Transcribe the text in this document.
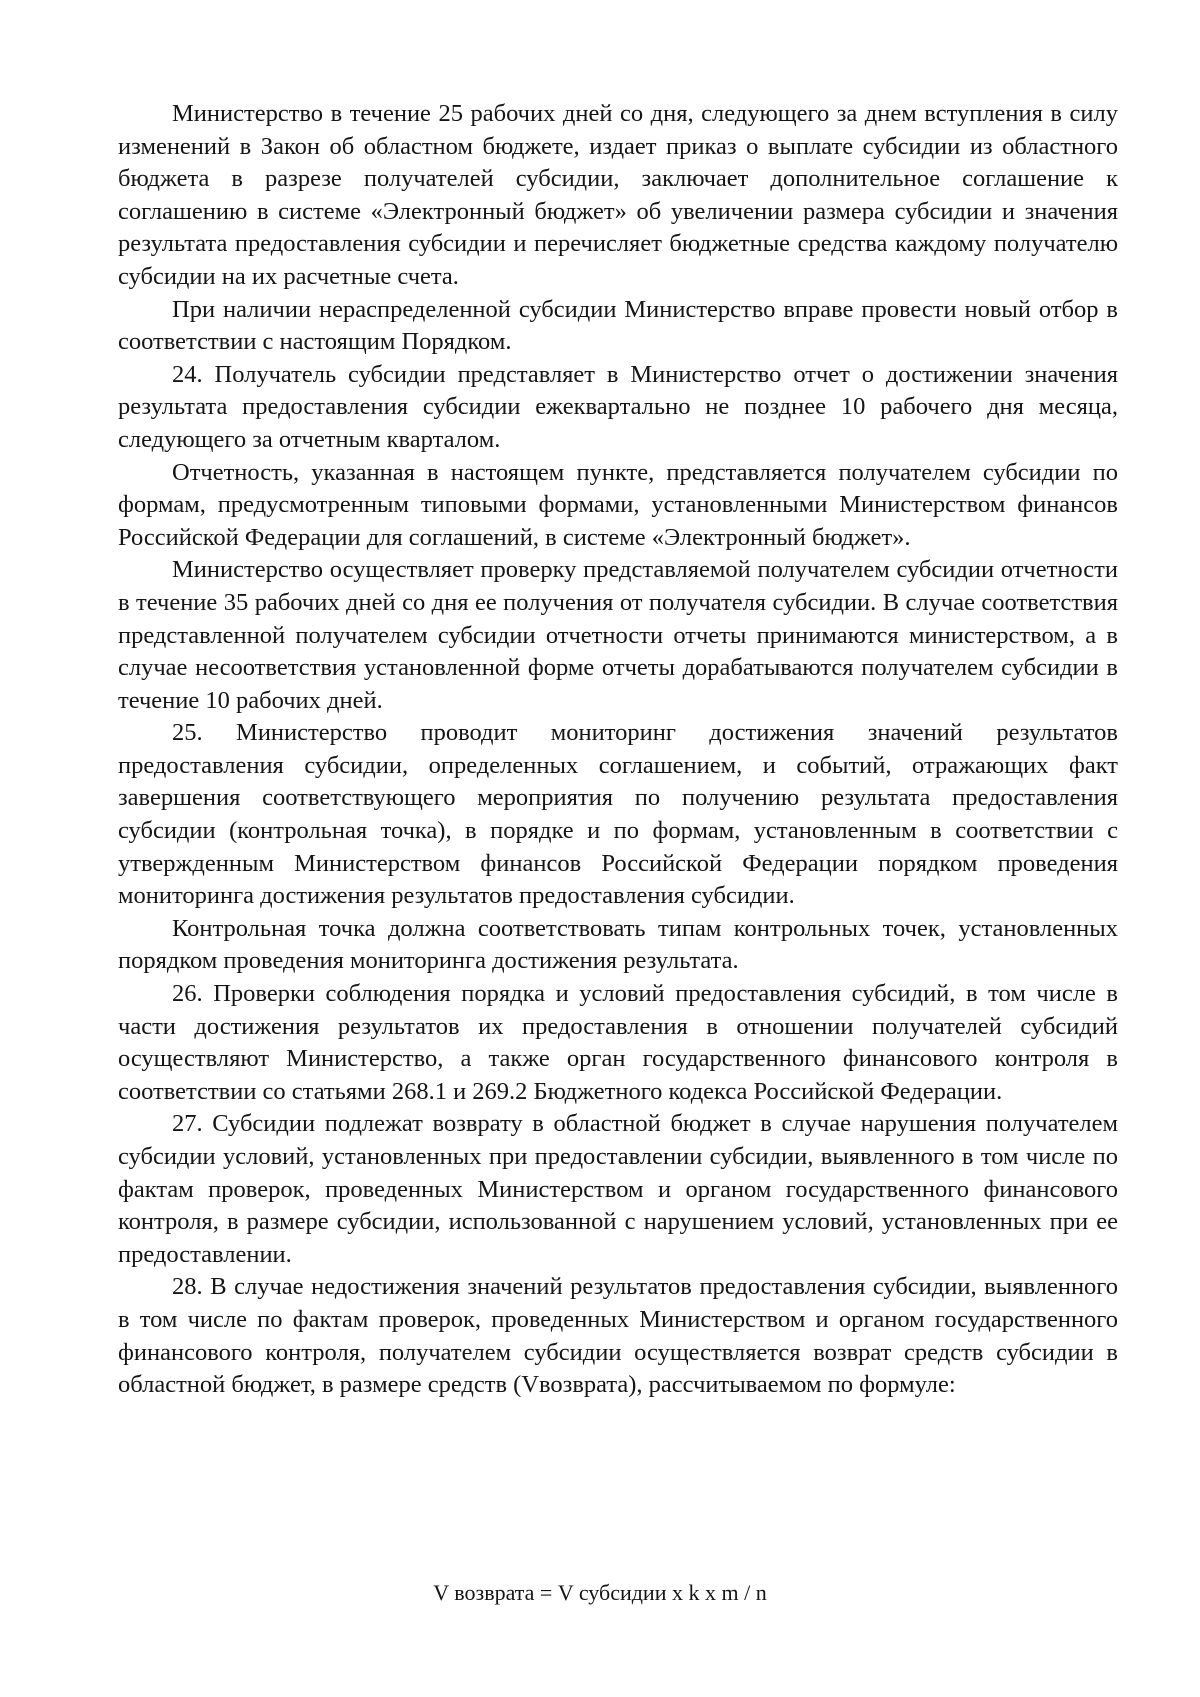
Министерство в течение 25 рабочих дней со дня, следующего за днем вступления в силу изменений в Закон об областном бюджете, издает приказ о выплате субсидии из областного бюджета в разрезе получателей субсидии, заключает дополнительное соглашение к соглашению в системе «Электронный бюджет» об увеличении размера субсидии и значения результата предоставления субсидии и перечисляет бюджетные средства каждому получателю субсидии на их расчетные счета.

При наличии нераспределенной субсидии Министерство вправе провести новый отбор в соответствии с настоящим Порядком.

24. Получатель субсидии представляет в Министерство отчет о достижении значения результата предоставления субсидии ежеквартально не позднее 10 рабочего дня месяца, следующего за отчетным кварталом.

Отчетность, указанная в настоящем пункте, представляется получателем субсидии по формам, предусмотренным типовыми формами, установленными Министерством финансов Российской Федерации для соглашений, в системе «Электронный бюджет».

Министерство осуществляет проверку представляемой получателем субсидии отчетности в течение 35 рабочих дней со дня ее получения от получателя субсидии. В случае соответствия представленной получателем субсидии отчетности отчеты принимаются министерством, а в случае несоответствия установленной форме отчеты дорабатываются получателем субсидии в течение 10 рабочих дней.

25. Министерство проводит мониторинг достижения значений результатов предоставления субсидии, определенных соглашением, и событий, отражающих факт завершения соответствующего мероприятия по получению результата предоставления субсидии (контрольная точка), в порядке и по формам, установленным в соответствии с утвержденным Министерством финансов Российской Федерации порядком проведения мониторинга достижения результатов предоставления субсидии.

Контрольная точка должна соответствовать типам контрольных точек, установленных порядком проведения мониторинга достижения результата.

26. Проверки соблюдения порядка и условий предоставления субсидий, в том числе в части достижения результатов их предоставления в отношении получателей субсидий осуществляют Министерство, а также орган государственного финансового контроля в соответствии со статьями 268.1 и 269.2 Бюджетного кодекса Российской Федерации.

27. Субсидии подлежат возврату в областной бюджет в случае нарушения получателем субсидии условий, установленных при предоставлении субсидии, выявленного в том числе по фактам проверок, проведенных Министерством и органом государственного финансового контроля, в размере субсидии, использованной с нарушением условий, установленных при ее предоставлении.

28. В случае недостижения значений результатов предоставления субсидии, выявленного в том числе по фактам проверок, проведенных Министерством и органом государственного финансового контроля, получателем субсидии осуществляется возврат средств субсидии в областной бюджет, в размере средств (Vвозврата), рассчитываемом по формуле:

V возврата = V субсидии х k х m / n
